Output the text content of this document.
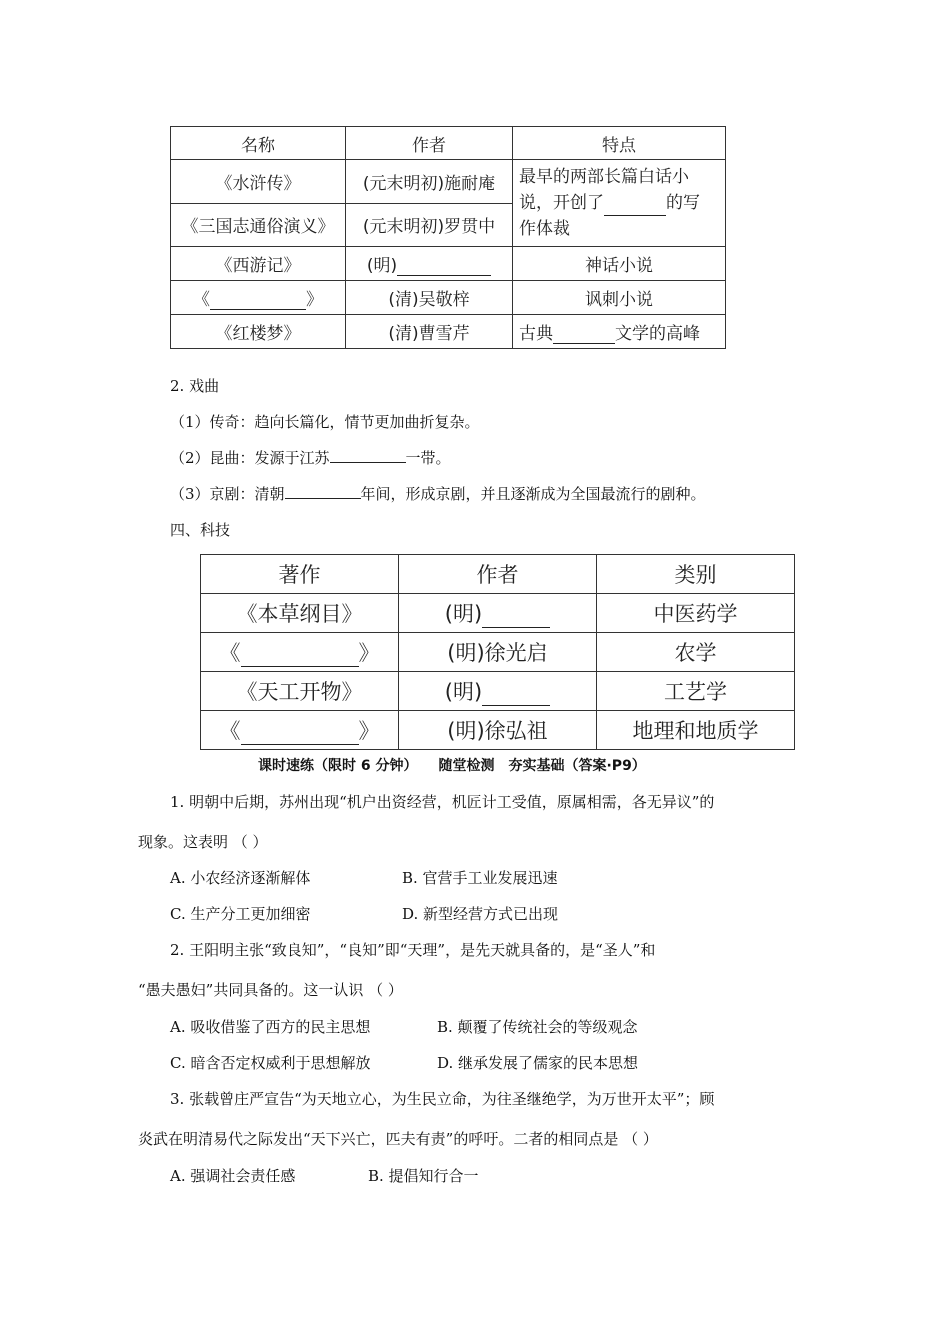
名称	作者	特点
《水浒传》	(元末明初)施耐庵	最早的两部长篇白话小
说，开创了 的写
作体裁
《三国志通俗演义》	(元末明初)罗贯中	
《西游记》	(明)	神话小说
《 》	(清)吴敬梓	讽刺小说
《红楼梦》	(清)曹雪芹	古典 文学的高峰
2. 戏曲
（1）传奇：趋向长篇化，情节更加曲折复杂。
（2）昆曲：发源于江苏	一带。
（3）京剧：清朝	年间，形成京剧，并且逐渐成为全国最流行的剧种。
四、科技
著作	作者	类别
《本草纲目》	(明)	中医药学
《 》	(明)徐光启	农学
《天工开物》	(明)	工艺学
《 》	(明)徐弘祖	地理和地质学
课时速练（限时 6 分钟）　　随堂检测　夯实基础（答案·P9）
1. 明朝中后期，苏州出现“机户出资经营，机匠计工受值，原属相需，各无异议”的
现象。这表明 （ ）
A. 小农经济逐渐解体	B. 官营手工业发展迅速
C. 生产分工更加细密	D. 新型经营方式已出现
2. 王阳明主张“致良知”，“良知”即“天理”，是先天就具备的，是“圣人”和
“愚夫愚妇”共同具备的。这一认识 （ ）
A. 吸收借鉴了西方的民主思想	B. 颠覆了传统社会的等级观念
C. 暗含否定权威利于思想解放	D. 继承发展了儒家的民本思想
3. 张载曾庄严宣告“为天地立心，为生民立命，为往圣继绝学，为万世开太平”；顾
炎武在明清易代之际发出“天下兴亡，匹夫有责”的呼吁。二者的相同点是 （ ）
A. 强调社会责任感	B. 提倡知行合一
